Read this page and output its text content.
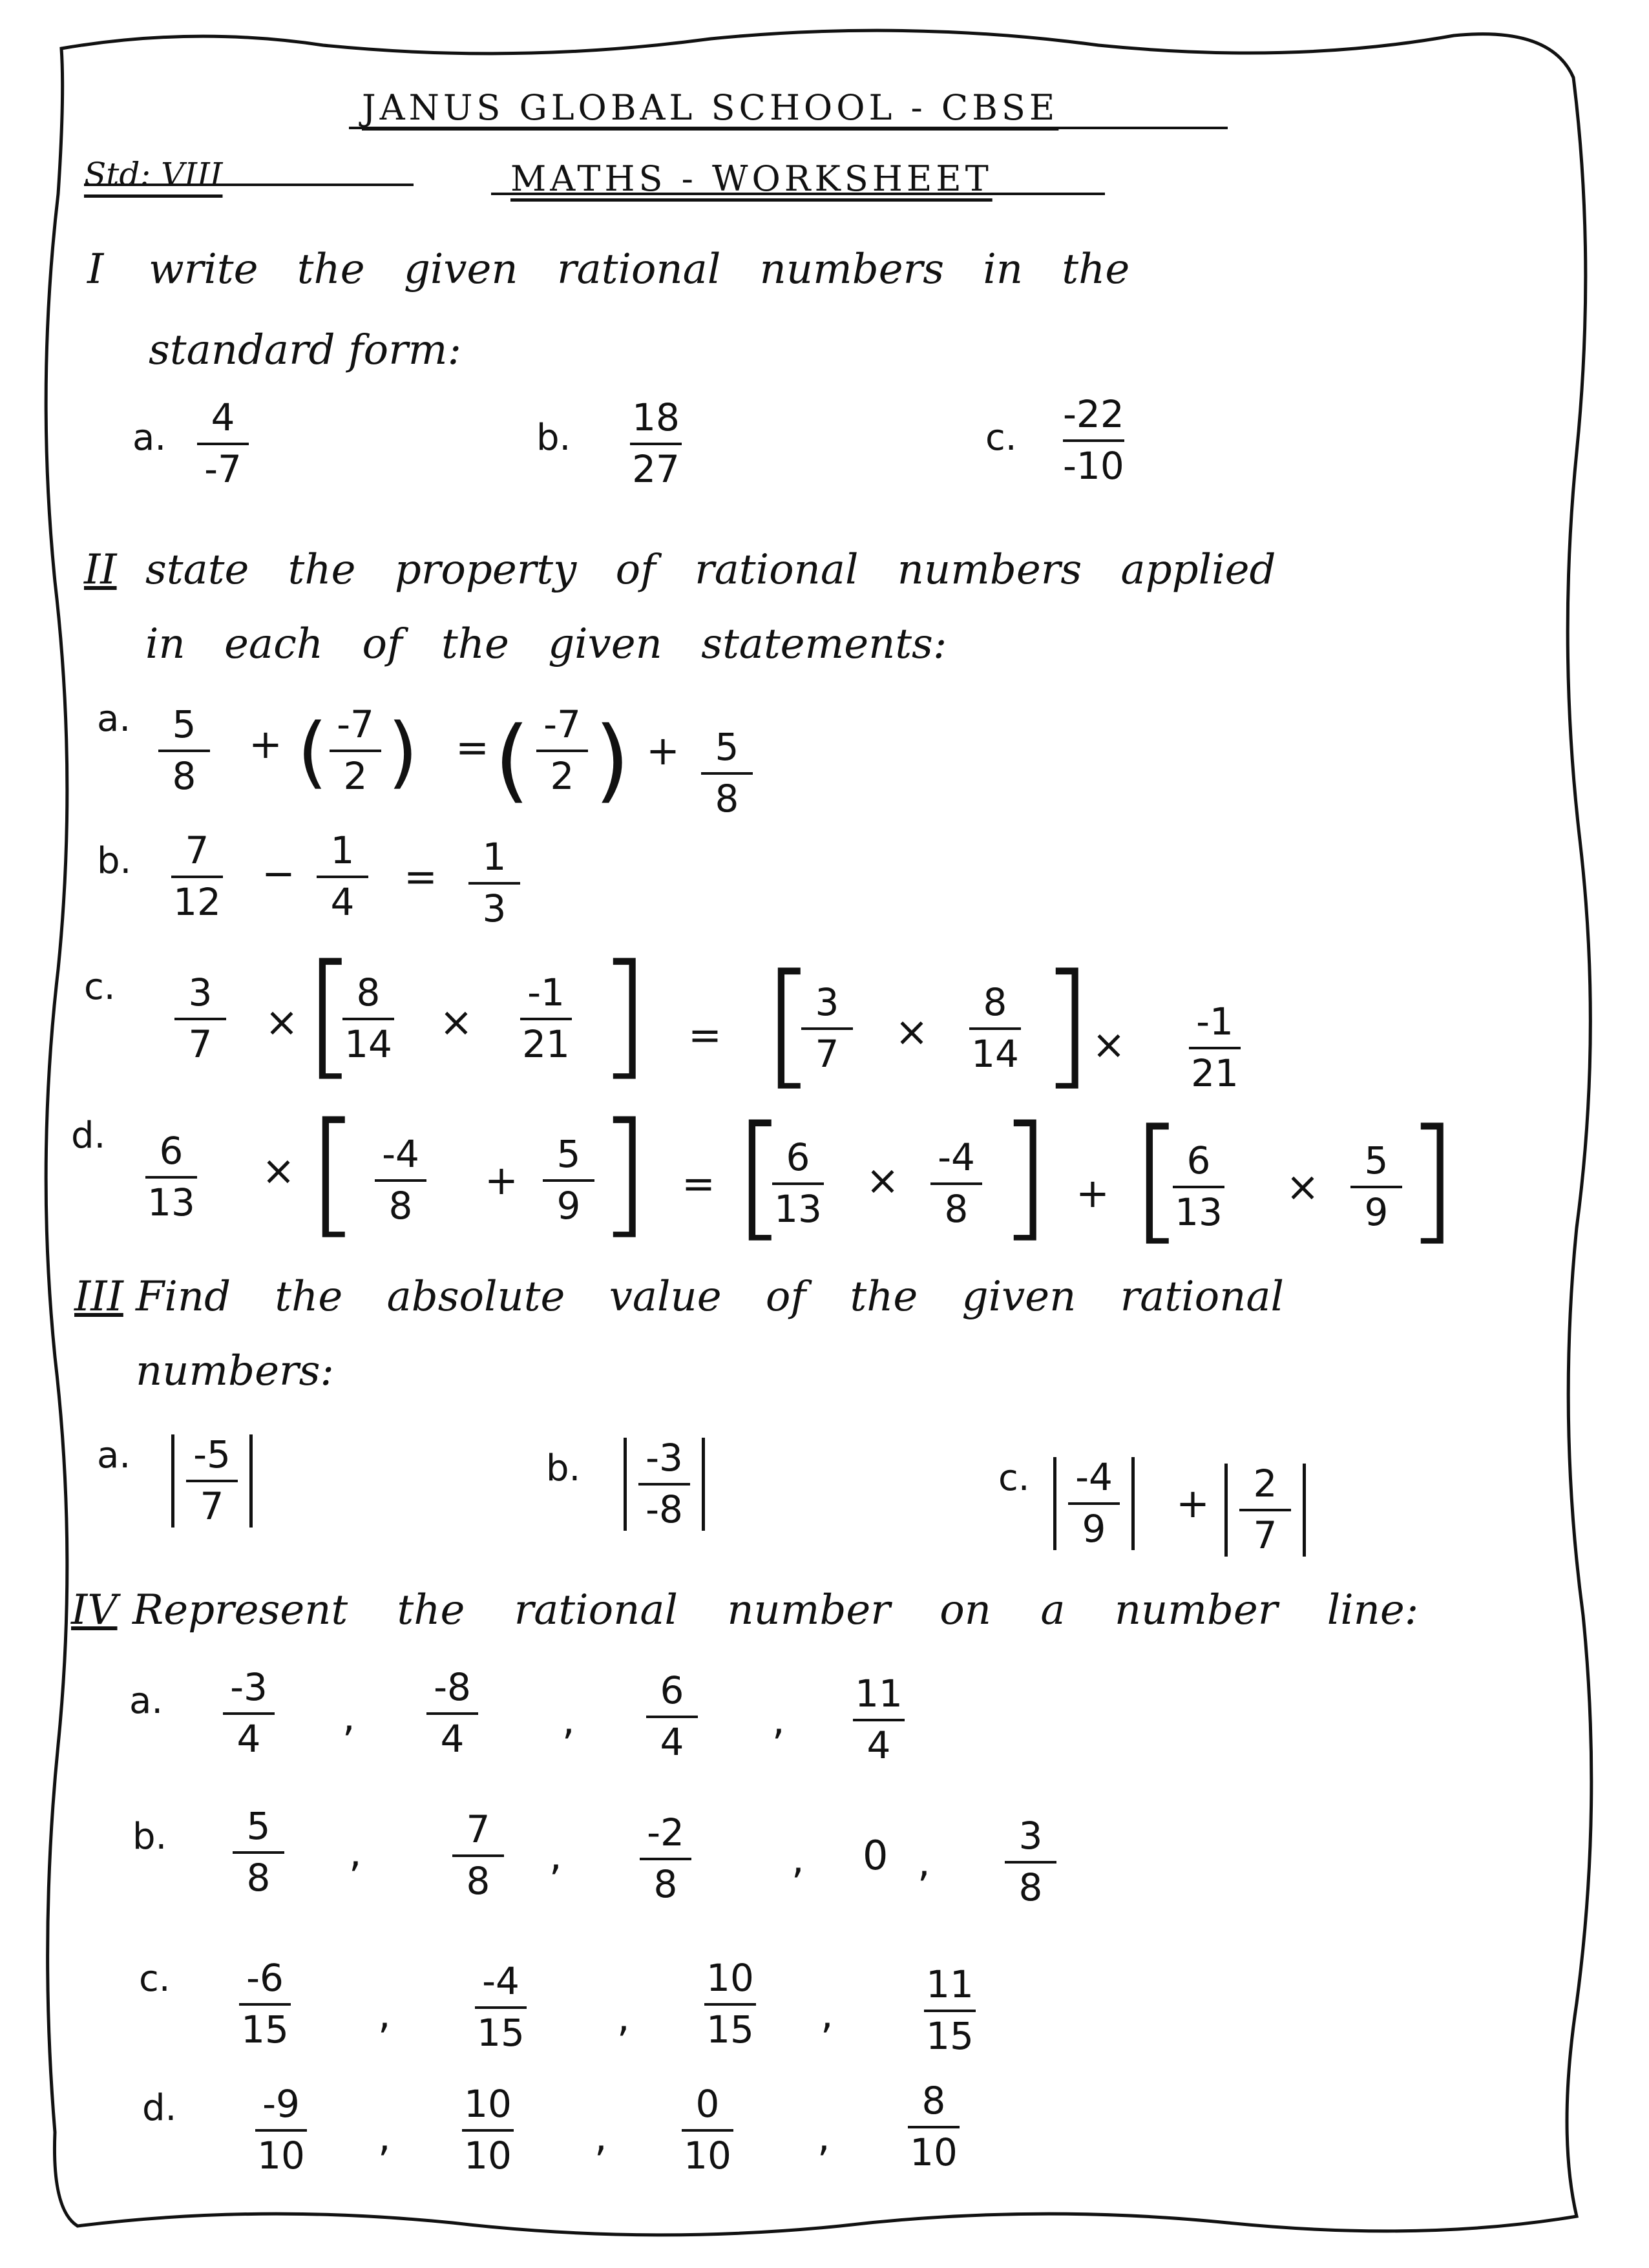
JANUS GLOBAL SCHOOL - CBSE
Std: VIII	MATHS - WORKSHEET
I write the given rational numbers in the
standard form:
a. 4
-7
b. 18
27
c.
-22
-10
II state the property of rational numbers applied
in each of the given statements:
a. 5
8
+ ( -7
2 ) = ( -7
2 ) + 5
8
b. 7
12
− 1
4
= 1
3
c. 3
7 × [ 8
14 ×
-1
21 ] = [ 3
7 ×
8
14 ]
× -1
21
d. 6
13
× [ -4
8
+
5
9 ] = [ 6
13
× -4
8 ] + [ 6
13
×
5
9 ]
III Find the absolute value of the given rational
numbers:
a. $\frac{-5}{7}$	b. $\frac{-3}{-8}$	c. $\frac{-4}{9} + \frac{2}{7}$
IV Represent the rational number on a number line:
a. -3
4 ,
-8
4 ,
6
4 ,
11
4
b. 5
8
,	7
8
, -2
8
, 0 ,
3
8
c. -6
15 ,
-4
15 ,
10
15 ,
11
15
d. -9
10 ,
10
10 ,
0
10 ,
8
10
